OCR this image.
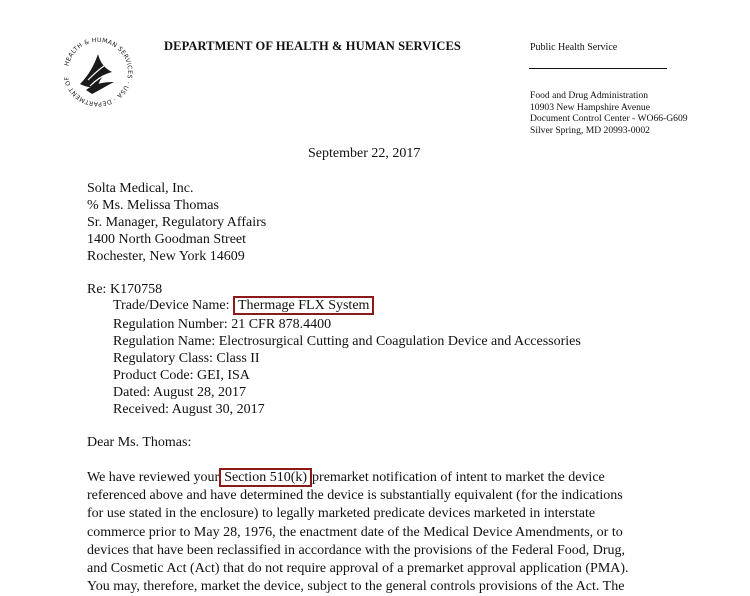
HEALTH & HUMAN SERVICES · USA · DEPARTMENT OF
DEPARTMENT OF HEALTH & HUMAN SERVICES	Public Health Service
Food and Drug Administration
10903 New Hampshire Avenue
Document Control Center - WO66-G609
Silver Spring, MD 20993-0002
September 22, 2017
Solta Medical, Inc.
% Ms. Melissa Thomas
Sr. Manager, Regulatory Affairs
1400 North Goodman Street
Rochester, New York 14609
Re: K170758
Trade/Device Name: Thermage FLX System
Regulation Number: 21 CFR 878.4400
Regulation Name: Electrosurgical Cutting and Coagulation Device and Accessories
Regulatory Class: Class II
Product Code: GEI, ISA
Dated: August 28, 2017
Received: August 30, 2017
Dear Ms. Thomas:
We have reviewed your Section 510(k) premarket notification of intent to market the device
referenced above and have determined the device is substantially equivalent (for the indications
for use stated in the enclosure) to legally marketed predicate devices marketed in interstate
commerce prior to May 28, 1976, the enactment date of the Medical Device Amendments, or to
devices that have been reclassified in accordance with the provisions of the Federal Food, Drug,
and Cosmetic Act (Act) that do not require approval of a premarket approval application (PMA).
You may, therefore, market the device, subject to the general controls provisions of the Act. The
